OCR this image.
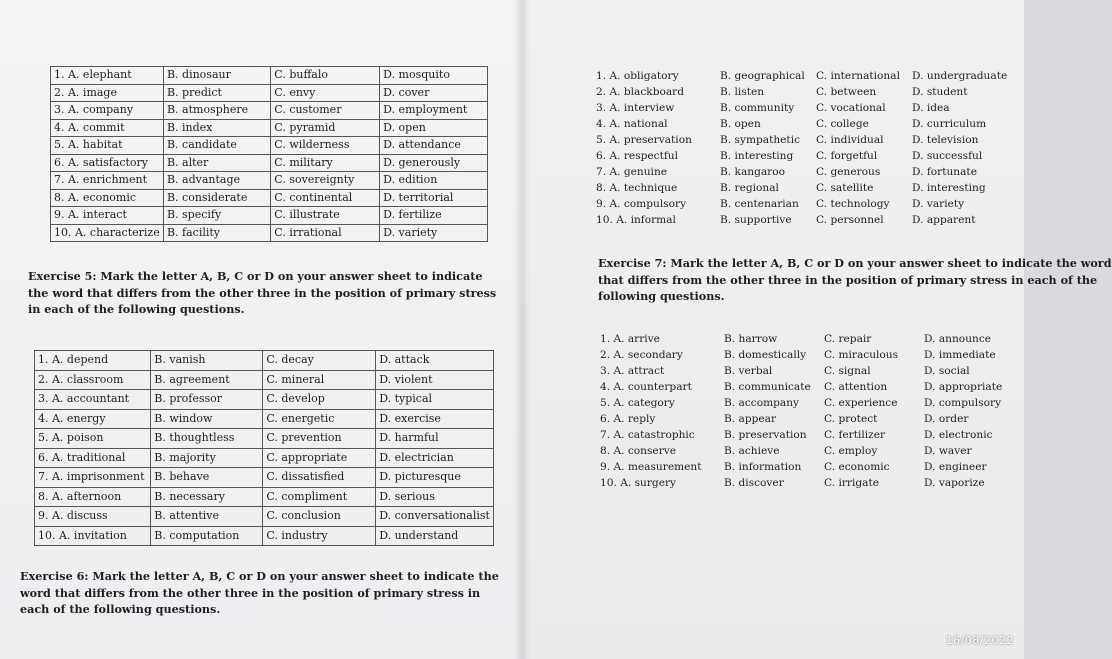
1. A. elephant	B. dinosaur	C. buffalo	D. mosquito
2. A. image	B. predict	C. envy	D. cover
3. A. company	B. atmosphere	C. customer	D. employment
4. A. commit	B. index	C. pyramid	D. open
5. A. habitat	B. candidate	C. wilderness	D. attendance
6. A. satisfactory	B. alter	C. military	D. generously
7. A. enrichment	B. advantage	C. sovereignty	D. edition
8. A. economic	B. considerate	C. continental	D. territorial
9. A. interact	B. specify	C. illustrate	D. fertilize
10. A. characterize	B. facility	C. irrational	D. variety

Exercise 5: Mark the letter A, B, C or D on your answer sheet to indicate the word that differs from the other three in the position of primary stress in each of the following questions.

1. A. depend	B. vanish	C. decay	D. attack
2. A. classroom	B. agreement	C. mineral	D. violent
3. A. accountant	B. professor	C. develop	D. typical
4. A. energy	B. window	C. energetic	D. exercise
5. A. poison	B. thoughtless	C. prevention	D. harmful
6. A. traditional	B. majority	C. appropriate	D. electrician
7. A. imprisonment	B. behave	C. dissatisfied	D. picturesque
8. A. afternoon	B. necessary	C. compliment	D. serious
9. A. discuss	B. attentive	C. conclusion	D. conversationalist
10. A. invitation	B. computation	C. industry	D. understand

Exercise 6: Mark the letter A, B, C or D on your answer sheet to indicate the word that differs from the other three in the position of primary stress in each of the following questions.

1. A. obligatory	B. geographical	C. international	D. undergraduate
2. A. blackboard	B. listen	C. between	D. student
3. A. interview	B. community	C. vocational	D. idea
4. A. national	B. open	C. college	D. curriculum
5. A. preservation	B. sympathetic	C. individual	D. television
6. A. respectful	B. interesting	C. forgetful	D. successful
7. A. genuine	B. kangaroo	C. generous	D. fortunate
8. A. technique	B. regional	C. satellite	D. interesting
9. A. compulsory	B. centenarian	C. technology	D. variety
10. A. informal	B. supportive	C. personnel	D. apparent
Exercise 7: Mark the letter A, B, C or D on your answer sheet to indicate the word
that differs from the other three in the position of primary stress in each of the
following questions.
1. A. arrive	B. harrow	C. repair	D. announce
2. A. secondary	B. domestically	C. miraculous	D. immediate
3. A. attract	B. verbal	C. signal	D. social
4. A. counterpart	B. communicate	C. attention	D. appropriate
5. A. category	B. accompany	C. experience	D. compulsory
6. A. reply	B. appear	C. protect	D. order
7. A. catastrophic	B. preservation	C. fertilizer	D. electronic
8. A. conserve	B. achieve	C. employ	D. waver
9. A. measurement	B. information	C. economic	D. engineer
10. A. surgery	B. discover	C. irrigate	D. vaporize
16/08/2022
